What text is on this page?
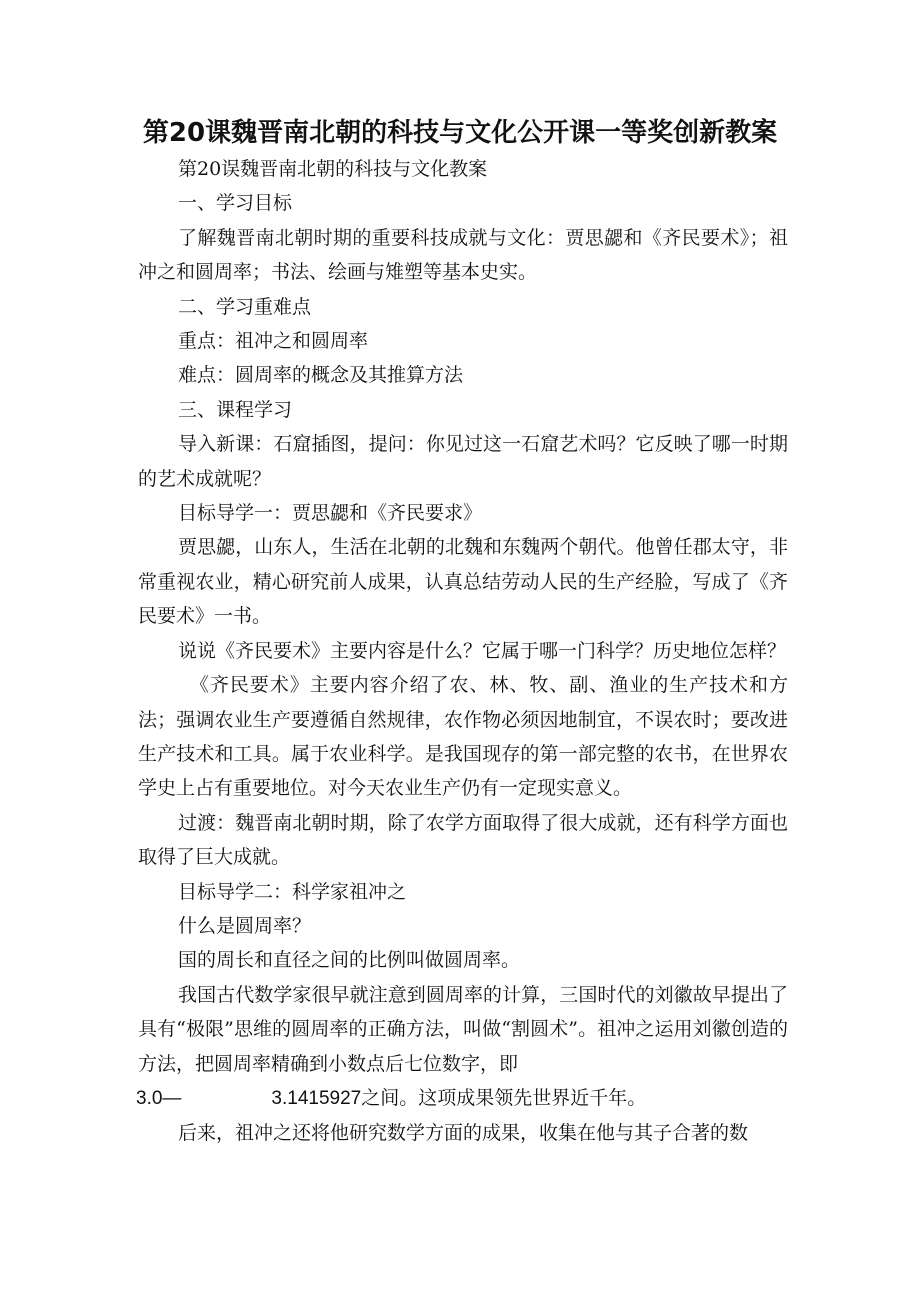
第20课魏晋南北朝的科技与文化公开课一等奖创新教案

第20误魏晋南北朝的科技与文化教案

一、学习目标

了解魏晋南北朝时期的重要科技成就与文化：贾思勰和《齐民要术》；祖冲之和圆周率；书法、绘画与雉塑等基本史实。

二、学习重难点

重点：祖冲之和圆周率

难点：圆周率的概念及其推算方法

三、课程学习

导入新课：石窟插图，提问：你见过这一石窟艺术吗？它反映了哪一时期的艺术成就呢？

目标导学一：贾思勰和《齐民要求》

贾思勰，山东人，生活在北朝的北魏和东魏两个朝代。他曾任郡太守，非常重视农业，精心研究前人成果，认真总结劳动人民的生产经脸，写成了《齐民要术》一书。

说说《齐民要术》主要内容是什么？它属于哪一门科学？历史地位怎样？

《齐民要术》主要内容介绍了农、林、牧、副、渔业的生产技术和方法；强调农业生产要遵循自然规律，农作物必须因地制宜，不误农时；要改进生产技术和工具。属于农业科学。是我国现存的第一部完整的农书，在世界农学史上占有重要地位。对今天农业生产仍有一定现实意义。

过渡：魏晋南北朝时期，除了农学方面取得了很大成就，还有科学方面也取得了巨大成就。

目标导学二：科学家祖冲之

什么是圆周率？

国的周长和直径之间的比例叫做圆周率。

我国古代数学家很早就注意到圆周率的计算，三国时代的刘徽故早提出了具有“极限”思维的圆周率的正确方法，叫做“割圆术”。祖冲之运用刘徽创造的方法，把圆周率精确到小数点后七位数字，即

3.0—	3.1415927之间。这项成果领先世界近千年。

后来，祖冲之还将他研究数学方面的成果，收集在他与其子合著的数
